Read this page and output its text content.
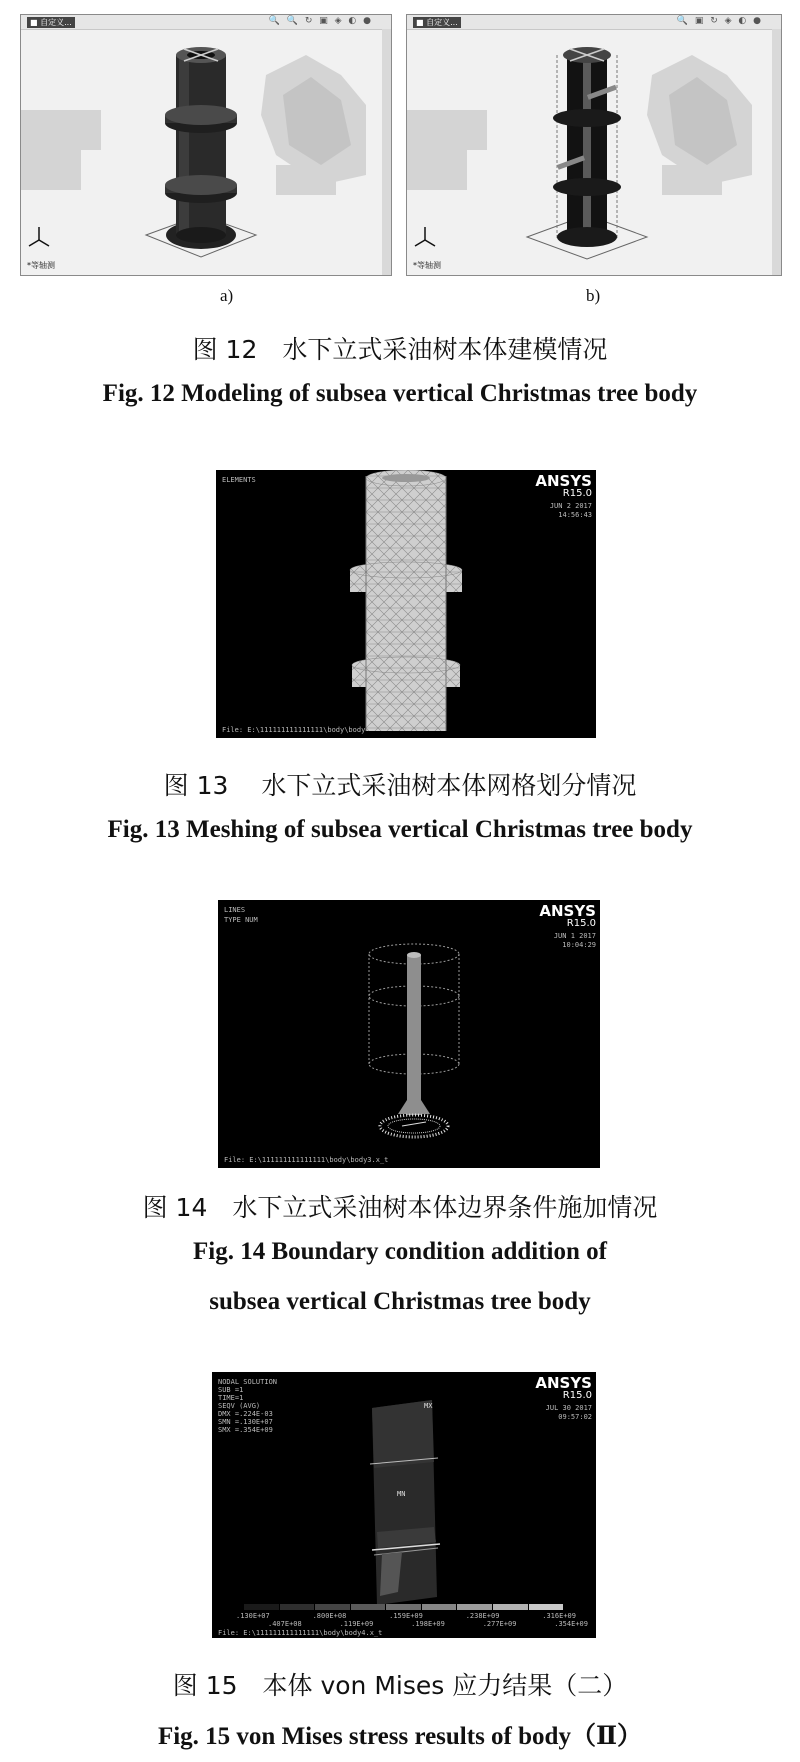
■ 自定义...	🔍 🔍 ↻ ▣ ◈ ◐ ●
*等轴测
■ 自定义...	🔍 ▣ ↻ ◈ ◐ ●
*等轴测
a)	b)
图 12　水下立式采油树本体建模情况
Fig. 12 Modeling of subsea vertical Christmas tree body
ELEMENTS	ANSYS
R15.0
JUN 2 2017
14:56:43
File: E:\111111111111111\body\body
图 13　 水下立式采油树本体网格划分情况
Fig. 13 Meshing of subsea vertical Christmas tree body
LINES
TYPE NUM	ANSYS
R15.0
JUN 1 2017
10:04:29
File: E:\111111111111111\body\body3.x_t
图 14　水下立式采油树本体边界条件施加情况
Fig. 14 Boundary condition addition of
subsea vertical Christmas tree body
NODAL SOLUTION
SUB =1
TIME=1
SEQV (AVG)
DMX =.224E-03
SMN =.130E+07
SMX =.354E+09
ANSYS
R15.0
JUL 30 2017
09:57:02
MX
MN
.130E+07	.800E+08	.159E+09	.238E+09	.316E+09
.407E+08	.119E+09	.198E+09	.277E+09	.354E+09
File: E:\111111111111111\body\body4.x_t
图 15　本体 von Mises 应力结果（二）
Fig. 15 von Mises stress results of body（Ⅱ）
